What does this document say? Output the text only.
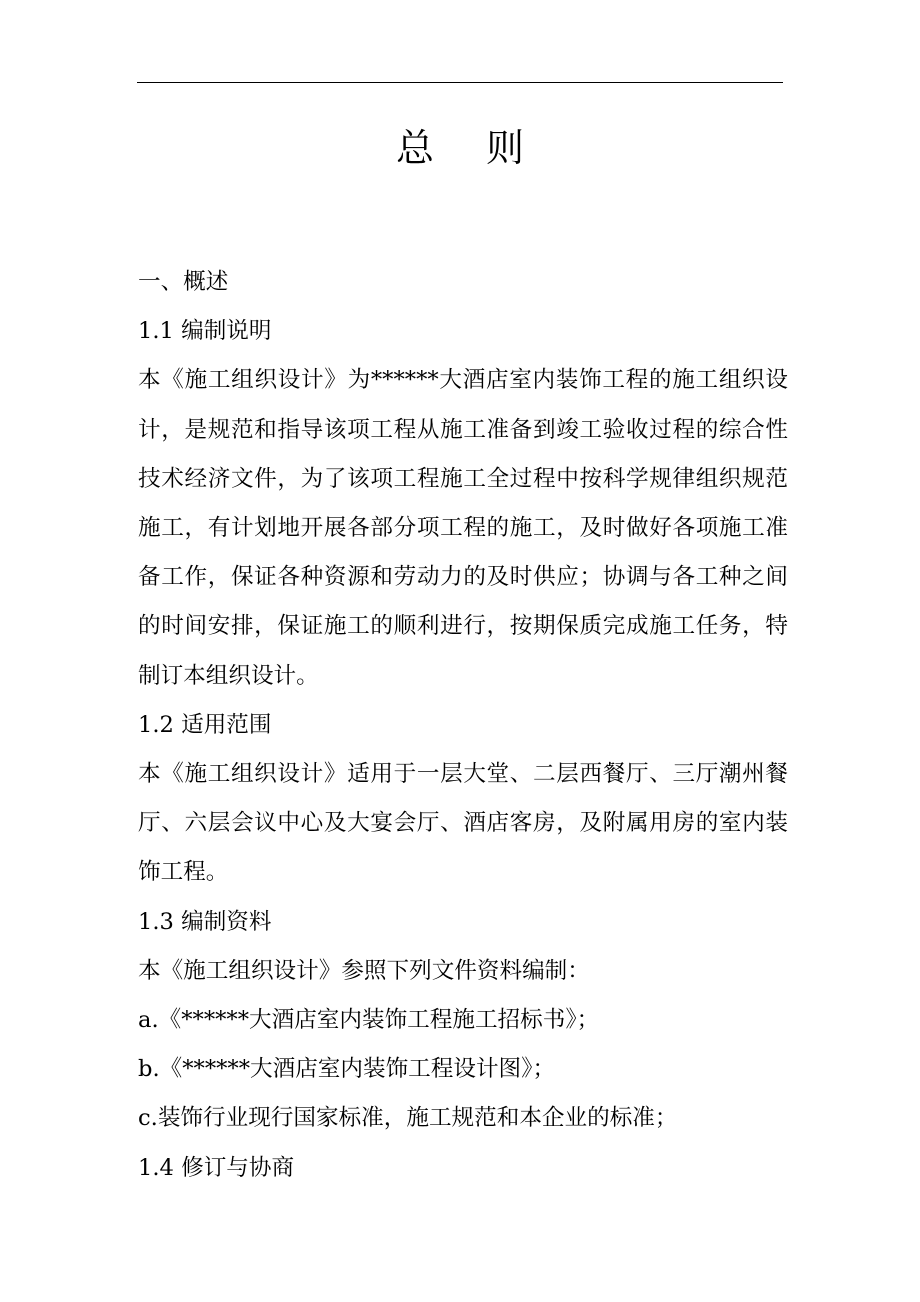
总 则

一、概述

1.1 编制说明

本《施工组织设计》为******大酒店室内装饰工程的施工组织设计，是规范和指导该项工程从施工准备到竣工验收过程的综合性技术经济文件，为了该项工程施工全过程中按科学规律组织规范施工，有计划地开展各部分项工程的施工，及时做好各项施工准备工作，保证各种资源和劳动力的及时供应；协调与各工种之间的时间安排，保证施工的顺利进行，按期保质完成施工任务，特制订本组织设计。

1.2 适用范围

本《施工组织设计》适用于一层大堂、二层西餐厅、三厅潮州餐厅、六层会议中心及大宴会厅、酒店客房，及附属用房的室内装饰工程。

1.3 编制资料

本《施工组织设计》参照下列文件资料编制：

a.《******大酒店室内装饰工程施工招标书》；

b.《******大酒店室内装饰工程设计图》；

c.装饰行业现行国家标准，施工规范和本企业的标准；

1.4 修订与协商
